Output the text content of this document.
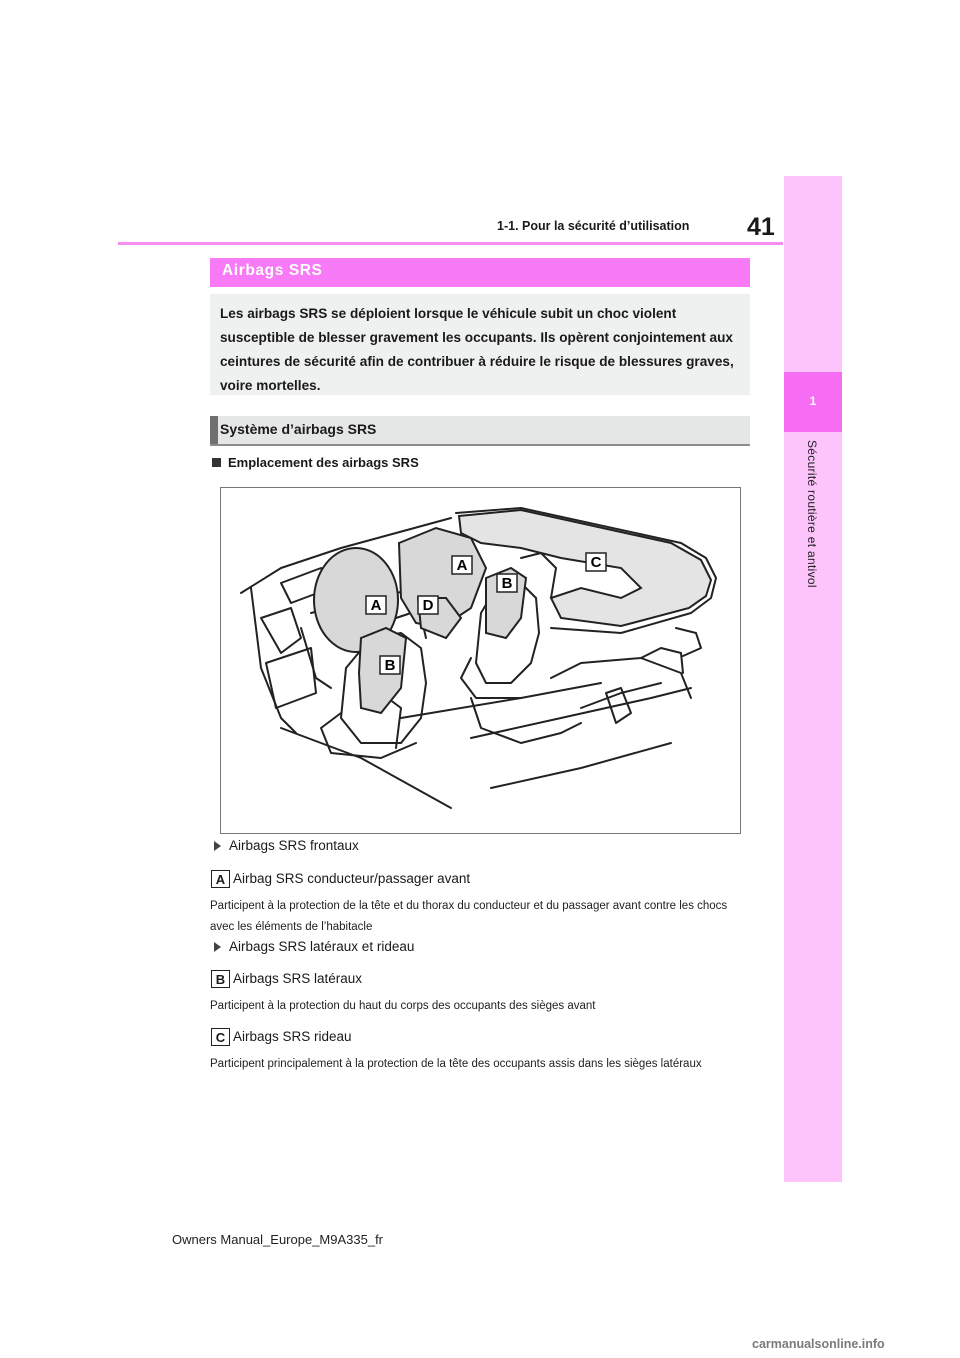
1-1. Pour la sécurité d’utilisation 41
1
Sécurité routière et antivol
Airbags SRS
Les airbags SRS se déploient lorsque le véhicule subit un choc violent susceptible de blesser gravement les occupants. Ils opèrent conjointement aux ceintures de sécurité afin de contribuer à réduire le risque de blessures graves, voire mortelles.
Système d’airbags SRS
Emplacement des airbags SRS
A
A
B
B
C
D
Airbags SRS frontaux
A Airbag SRS conducteur/passager avant
Participent à la protection de la tête et du thorax du conducteur et du passager avant contre les chocs avec les éléments de l’habitacle
Airbags SRS latéraux et rideau
B Airbags SRS latéraux
Participent à la protection du haut du corps des occupants des sièges avant
C Airbags SRS rideau
Participent principalement à la protection de la tête des occupants assis dans les sièges latéraux
Owners Manual_Europe_M9A335_fr
carmanualsonline.info
